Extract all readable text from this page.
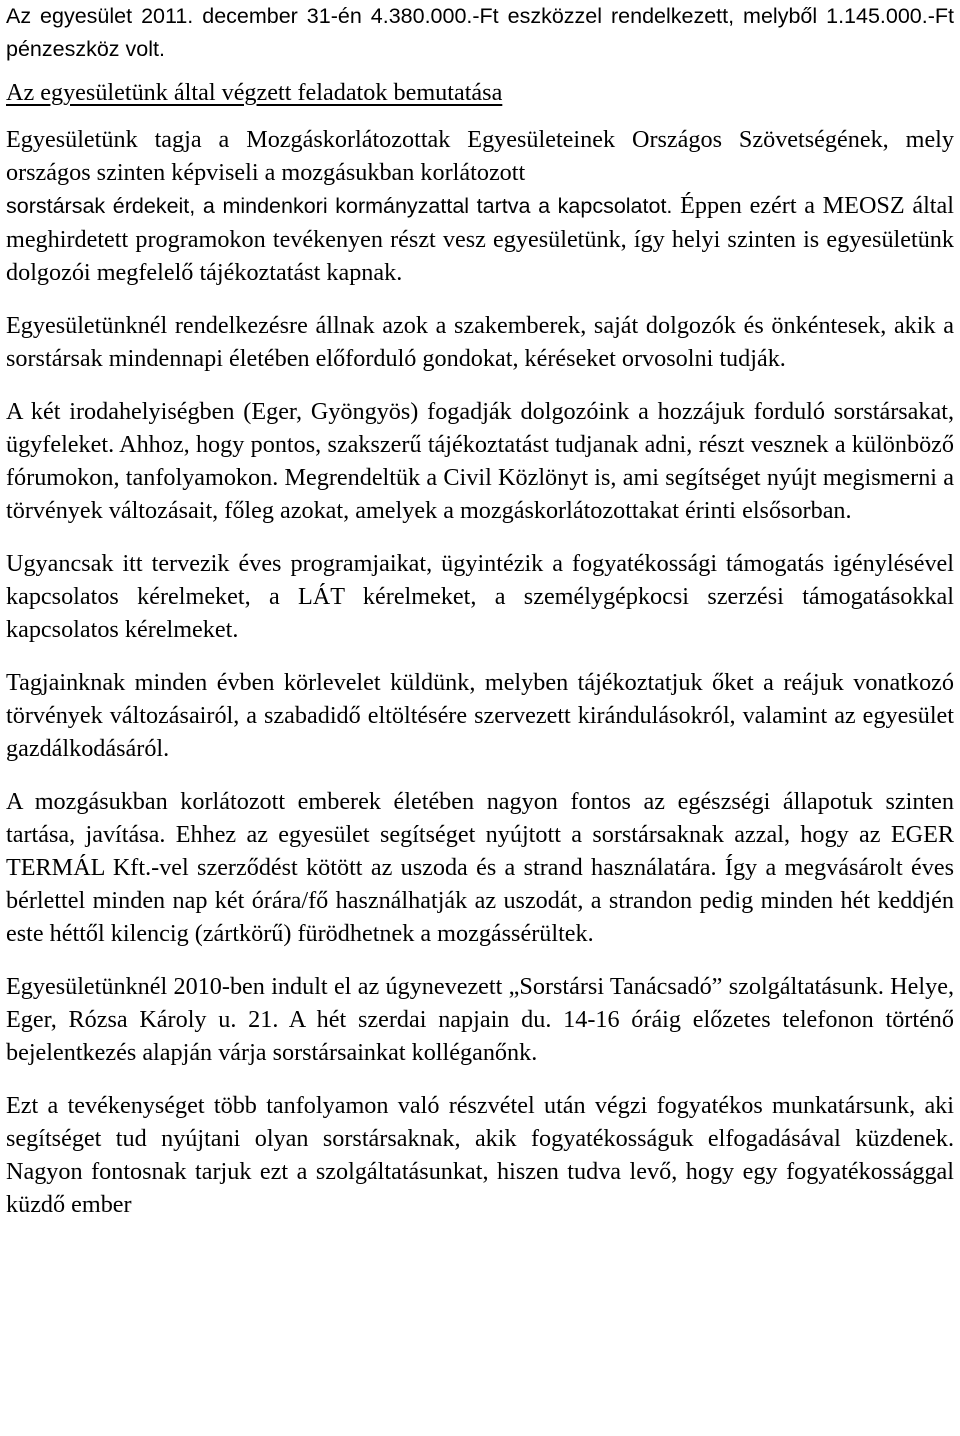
Az egyesület 2011. december 31-én 4.380.000.-Ft eszközzel rendelkezett, melyből 1.145.000.-Ft pénzeszköz volt.

Az egyesületünk által végzett feladatok bemutatása

Egyesületünk tagja a Mozgáskorlátozottak Egyesületeinek Országos Szövetségének, mely országos szinten képviseli a mozgásukban korlátozott

sorstársak érdekeit, a mindenkori kormányzattal tartva a kapcsolatot. Éppen ezért a MEOSZ által meghirdetett programokon tevékenyen részt vesz egyesületünk, így helyi szinten is egyesületünk dolgozói megfelelő tájékoztatást kapnak.

Egyesületünknél rendelkezésre állnak azok a szakemberek, saját dolgozók és önkéntesek, akik a sorstársak mindennapi életében előforduló gondokat, kéréseket orvosolni tudják.

A két irodahelyiségben (Eger, Gyöngyös) fogadják dolgozóink a hozzájuk forduló sorstársakat, ügyfeleket. Ahhoz, hogy pontos, szakszerű tájékoztatást tudjanak adni, részt vesznek a különböző fórumokon, tanfolyamokon. Megrendeltük a Civil Közlönyt is, ami segítséget nyújt megismerni a törvények változásait, főleg azokat, amelyek a mozgáskorlátozottakat érinti elsősorban.

Ugyancsak itt tervezik éves programjaikat, ügyintézik a fogyatékossági támogatás igénylésével kapcsolatos kérelmeket, a LÁT kérelmeket, a személygépkocsi szerzési támogatásokkal kapcsolatos kérelmeket.

Tagjainknak minden évben körlevelet küldünk, melyben tájékoztatjuk őket a reájuk vonatkozó törvények változásairól, a szabadidő eltöltésére szervezett kirándulásokról, valamint az egyesület gazdálkodásáról.

A mozgásukban korlátozott emberek életében nagyon fontos az egészségi állapotuk szinten tartása, javítása. Ehhez az egyesület segítséget nyújtott a sorstársaknak azzal, hogy az EGER TERMÁL Kft.-vel szerződést kötött az uszoda és a strand használatára. Így a megvásárolt éves bérlettel minden nap két órára/fő használhatják az uszodát, a strandon pedig minden hét keddjén este héttől kilencig (zártkörű) fürödhetnek a mozgássérültek.

Egyesületünknél 2010-ben indult el az úgynevezett „Sorstársi Tanácsadó” szolgáltatásunk. Helye, Eger, Rózsa Károly u. 21. A hét szerdai napjain du. 14-16 óráig előzetes telefonon történő bejelentkezés alapján várja sorstársainkat kolléganőnk.

Ezt a tevékenységet több tanfolyamon való részvétel után végzi fogyatékos munkatársunk, aki segítséget tud nyújtani olyan sorstársaknak, akik fogyatékosságuk elfogadásával küzdenek. Nagyon fontosnak tarjuk ezt a szolgáltatásunkat, hiszen tudva levő, hogy egy fogyatékossággal küzdő ember
